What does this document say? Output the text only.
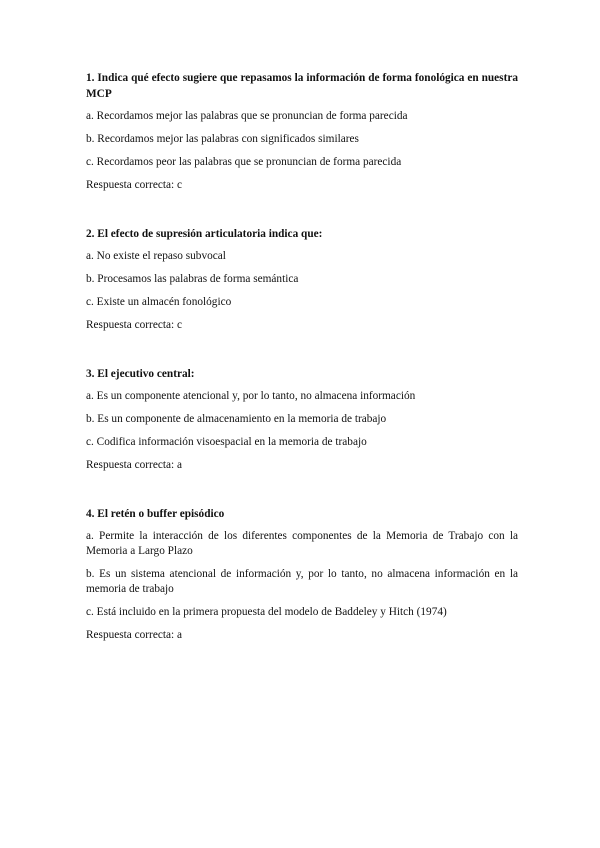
1. Indica qué efecto sugiere que repasamos la información de forma fonológica en nuestra MCP
a. Recordamos mejor las palabras que se pronuncian de forma parecida
b. Recordamos mejor las palabras con significados similares
c. Recordamos peor las palabras que se pronuncian de forma parecida
Respuesta correcta: c
2. El efecto de supresión articulatoria indica que:
a. No existe el repaso subvocal
b. Procesamos las palabras de forma semántica
c. Existe un almacén fonológico
Respuesta correcta: c
3. El ejecutivo central:
a. Es un componente atencional y, por lo tanto, no almacena información
b. Es un componente de almacenamiento en la memoria de trabajo
c. Codifica información visoespacial en la memoria de trabajo
Respuesta correcta: a
4. El retén o buffer episódico
a. Permite la interacción de los diferentes componentes de la Memoria de Trabajo con la Memoria a Largo Plazo
b. Es un sistema atencional de información y, por lo tanto, no almacena información en la memoria de trabajo
c. Está incluido en la primera propuesta del modelo de Baddeley y Hitch (1974)
Respuesta correcta: a
